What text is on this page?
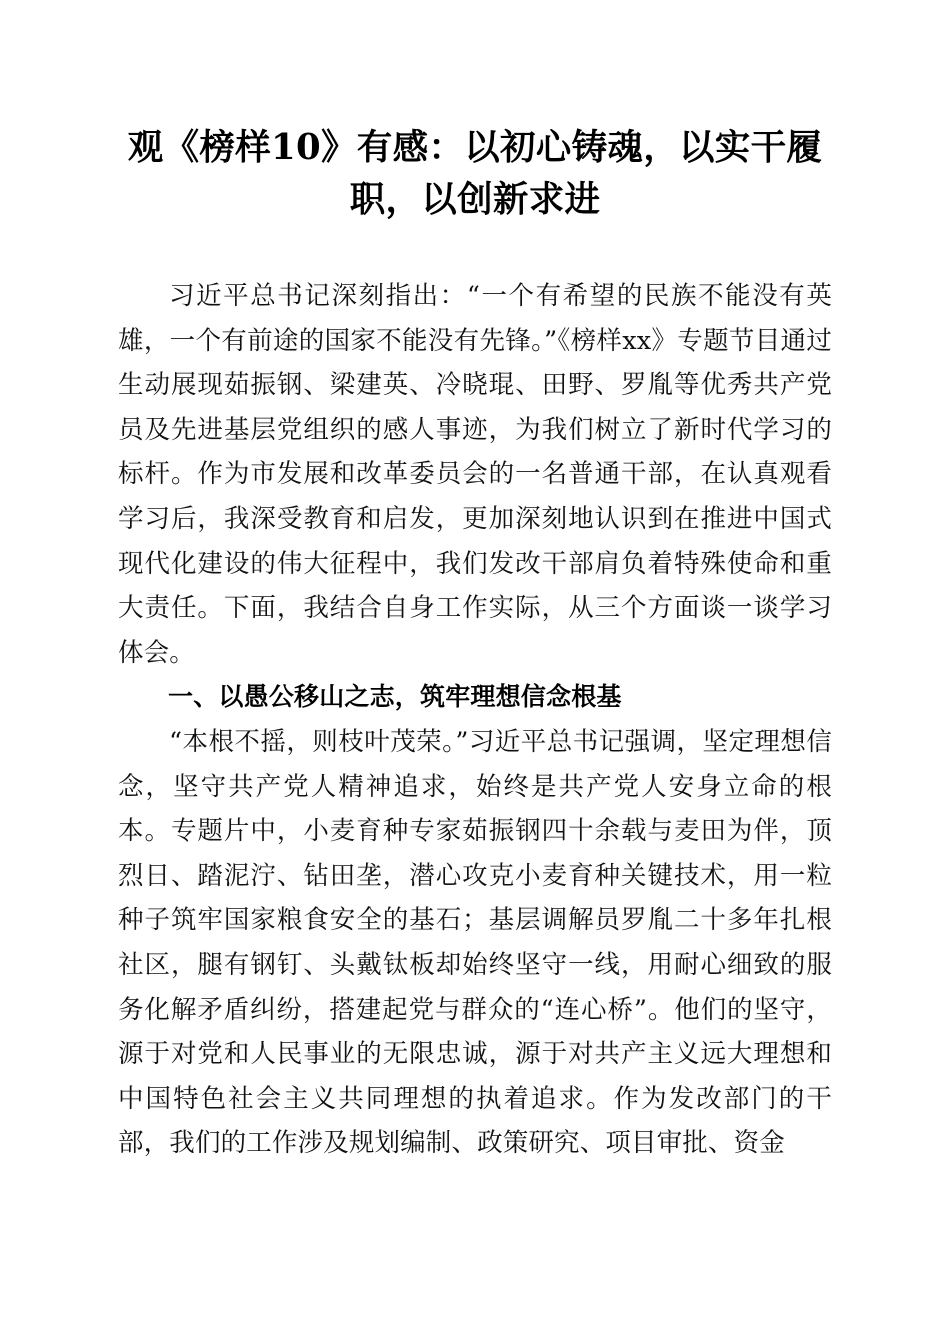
观《榜样10》有感：以初心铸魂，以实干履
职，以创新求进

习近平总书记深刻指出：“一个有希望的民族不能没有英雄，一个有前途的国家不能没有先锋。”《榜样xx》专题节目通过生动展现茹振钢、梁建英、冷晓琨、田野、罗胤等优秀共产党员及先进基层党组织的感人事迹，为我们树立了新时代学习的标杆。作为市发展和改革委员会的一名普通干部，在认真观看学习后，我深受教育和启发，更加深刻地认识到在推进中国式现代化建设的伟大征程中，我们发改干部肩负着特殊使命和重大责任。下面，我结合自身工作实际，从三个方面谈一谈学习体会。

一、以愚公移山之志，筑牢理想信念根基

“本根不摇，则枝叶茂荣。”习近平总书记强调，坚定理想信念，坚守共产党人精神追求，始终是共产党人安身立命的根本。专题片中，小麦育种专家茹振钢四十余载与麦田为伴，顶烈日、踏泥泞、钻田垄，潜心攻克小麦育种关键技术，用一粒种子筑牢国家粮食安全的基石；基层调解员罗胤二十多年扎根社区，腿有钢钉、头戴钛板却始终坚守一线，用耐心细致的服务化解矛盾纠纷，搭建起党与群众的“连心桥”。他们的坚守，源于对党和人民事业的无限忠诚，源于对共产主义远大理想和中国特色社会主义共同理想的执着追求。作为发改部门的干部，我们的工作涉及规划编制、政策研究、项目审批、资金
